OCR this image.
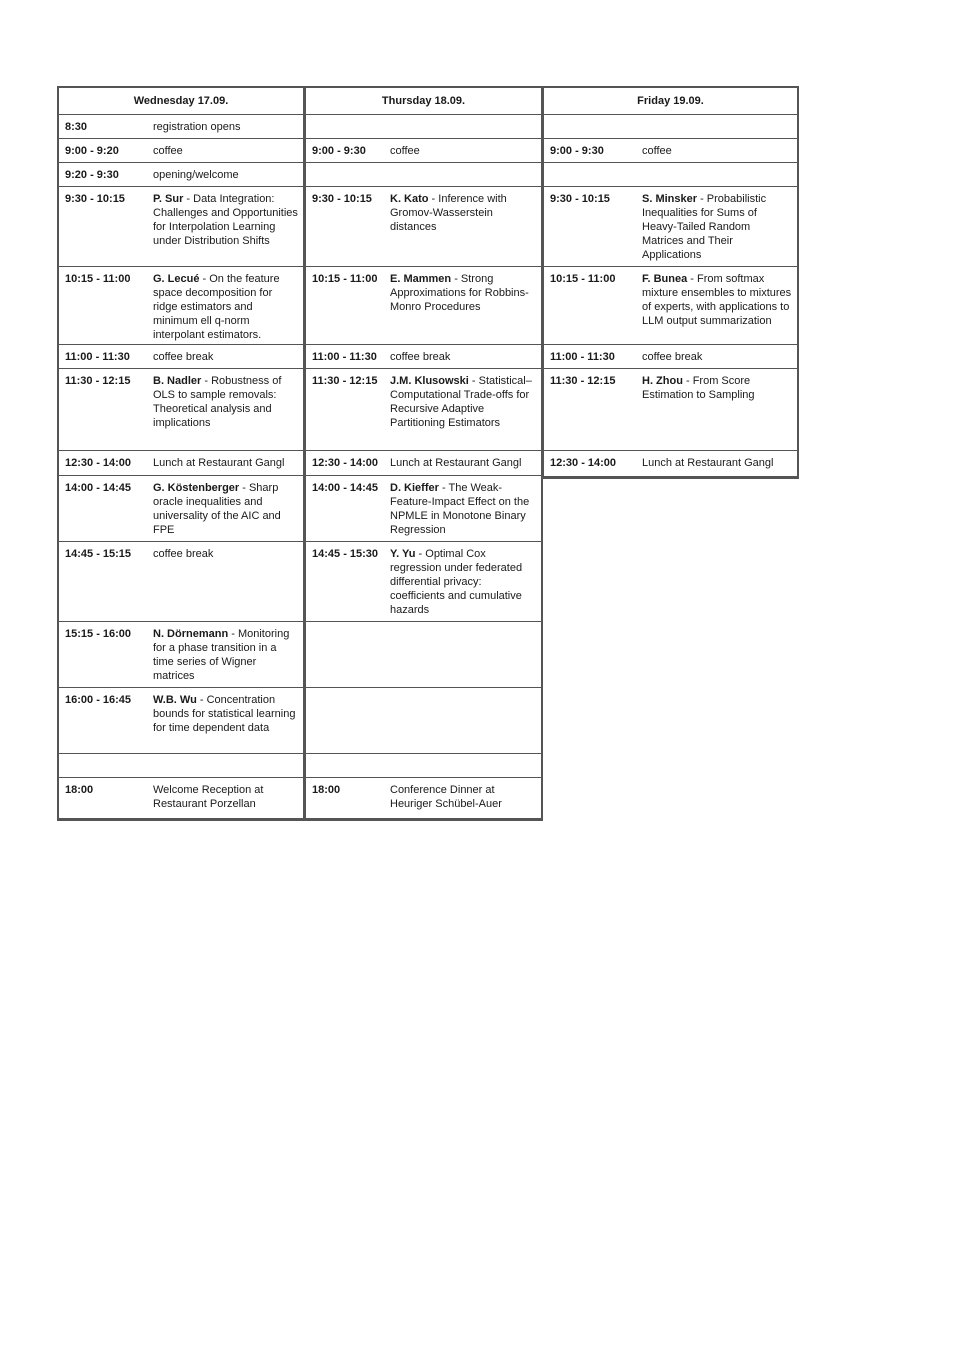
Wednesday 17.09.
8:30	registration opens
9:00 - 9:20	coffee
9:20 - 9:30	opening/welcome
9:30 - 10:15	P. Sur - Data Integration: Challenges and Opportunities for Interpolation Learning under Distribution Shifts
10:15 - 11:00 G. Lecué - On the feature space decomposition for ridge estimators and minimum ell q-norm interpolant estimators.
11:00 - 11:30 coffee break
11:30 - 12:15 B. Nadler - Robustness of OLS to sample removals: Theoretical analysis and implications
12:30 - 14:00 Lunch at Restaurant Gangl
14:00 - 14:45 G. Köstenberger - Sharp oracle inequalities and universality of the AIC and FPE
14:45 - 15:15 coffee break
15:15 - 16:00 N. Dörnemann - Monitoring for a phase transition in a time series of Wigner matrices
16:00 - 16:45 W.B. Wu - Concentration bounds for statistical learning for time dependent data
18:00	Welcome Reception at Restaurant Porzellan
Thursday 18.09.
9:00 - 9:30 coffee
9:30 - 10:15 K. Kato - Inference with Gromov-Wasserstein distances
10:15 - 11:00 E. Mammen - Strong Approximations for Robbins-Monro Procedures
11:00 - 11:30 coffee break
11:30 - 12:15 J.M. Klusowski - Statistical–Computational Trade-offs for Recursive Adaptive Partitioning Estimators
12:30 - 14:00 Lunch at Restaurant Gangl
14:00 - 14:45 D. Kieffer - The Weak-Feature-Impact Effect on the NPMLE in Monotone Binary Regression
14:45 - 15:30 Y. Yu - Optimal Cox regression under federated differential privacy: coefficients and cumulative hazards
18:00	Conference Dinner at Heuriger Schübel-Auer
Friday 19.09.
9:00 - 9:30	coffee
9:30 - 10:15	S. Minsker - Probabilistic Inequalities for Sums of Heavy-Tailed Random Matrices and Their Applications
10:15 - 11:00 F. Bunea - From softmax mixture ensembles to mixtures of experts, with applications to LLM output summarization
11:00 - 11:30 coffee break
11:30 - 12:15 H. Zhou - From Score Estimation to Sampling
12:30 - 14:00 Lunch at Restaurant Gangl
